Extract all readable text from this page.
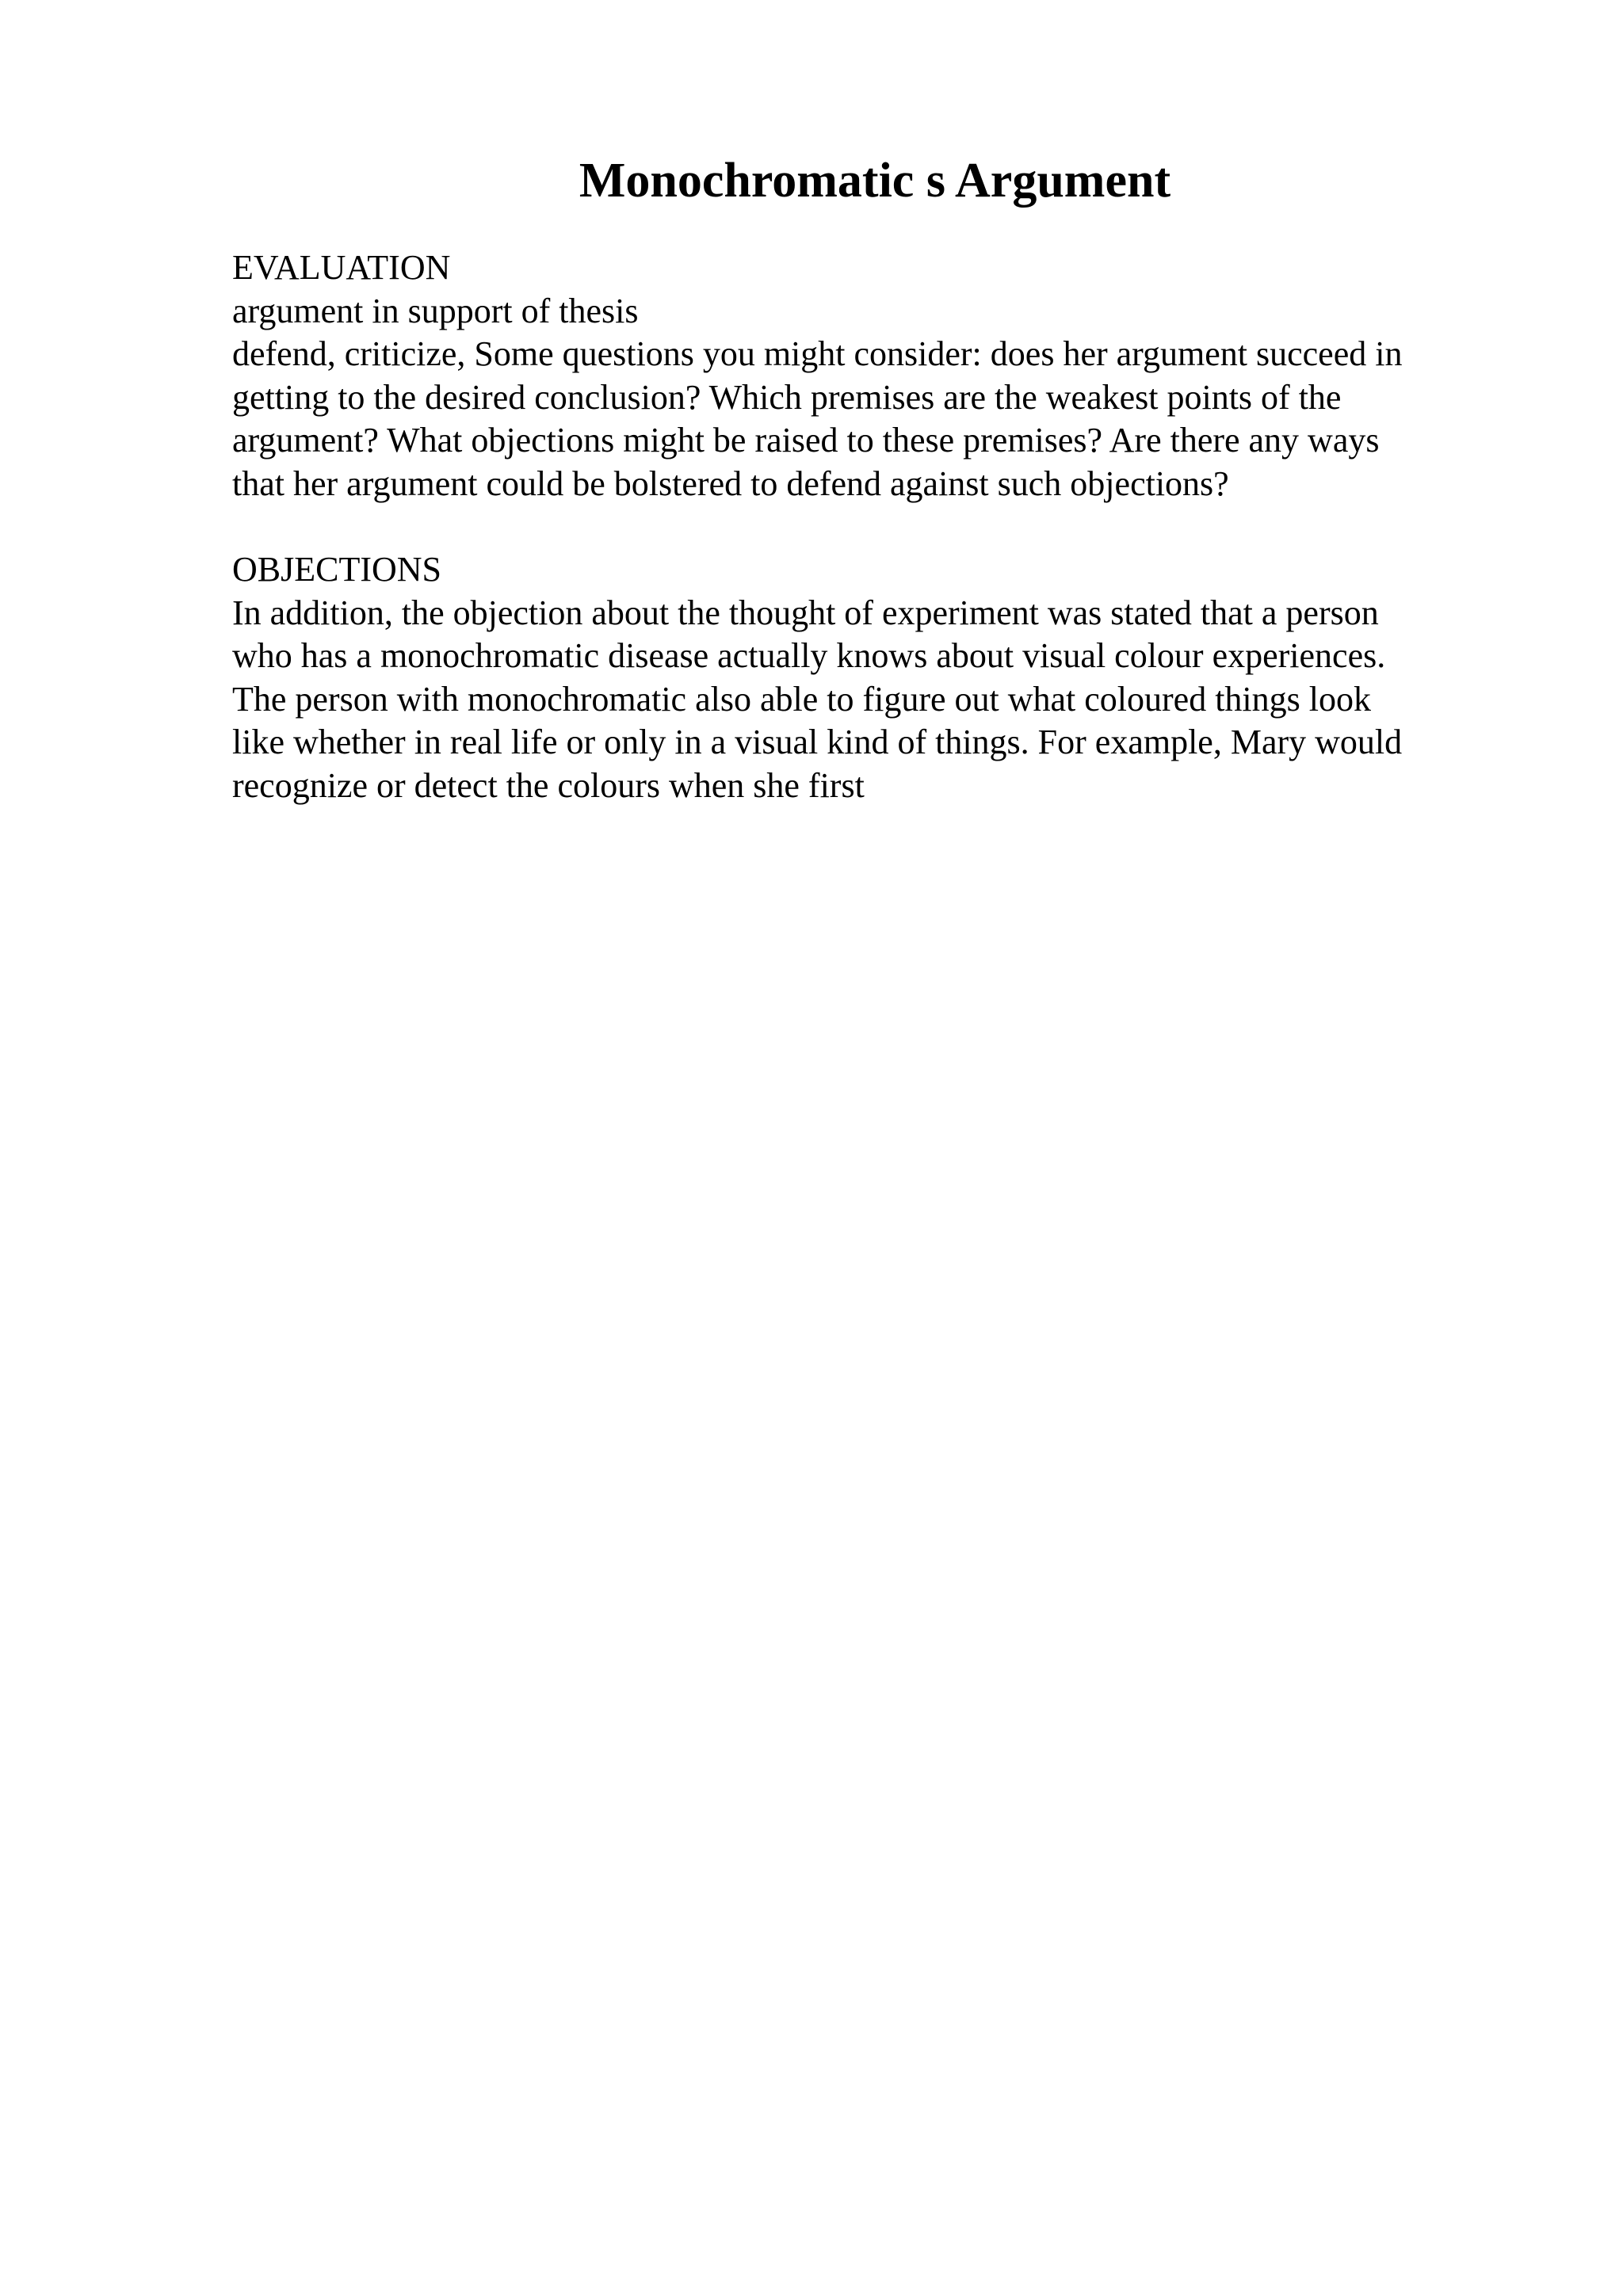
Monochromatic s Argument
EVALUATION
argument in support of thesis
defend, criticize, Some questions you might consider: does her argument succeed in
getting to the desired conclusion? Which premises are the weakest points of the
argument? What objections might be raised to these premises? Are there any ways
that her argument could be bolstered to defend against such objections?
OBJECTIONS
In addition, the objection about the thought of experiment was stated that a person
who has a monochromatic disease actually knows about visual colour experiences.
The person with monochromatic also able to figure out what coloured things look
like whether in real life or only in a visual kind of things. For example, Mary would
recognize or detect the colours when she first
